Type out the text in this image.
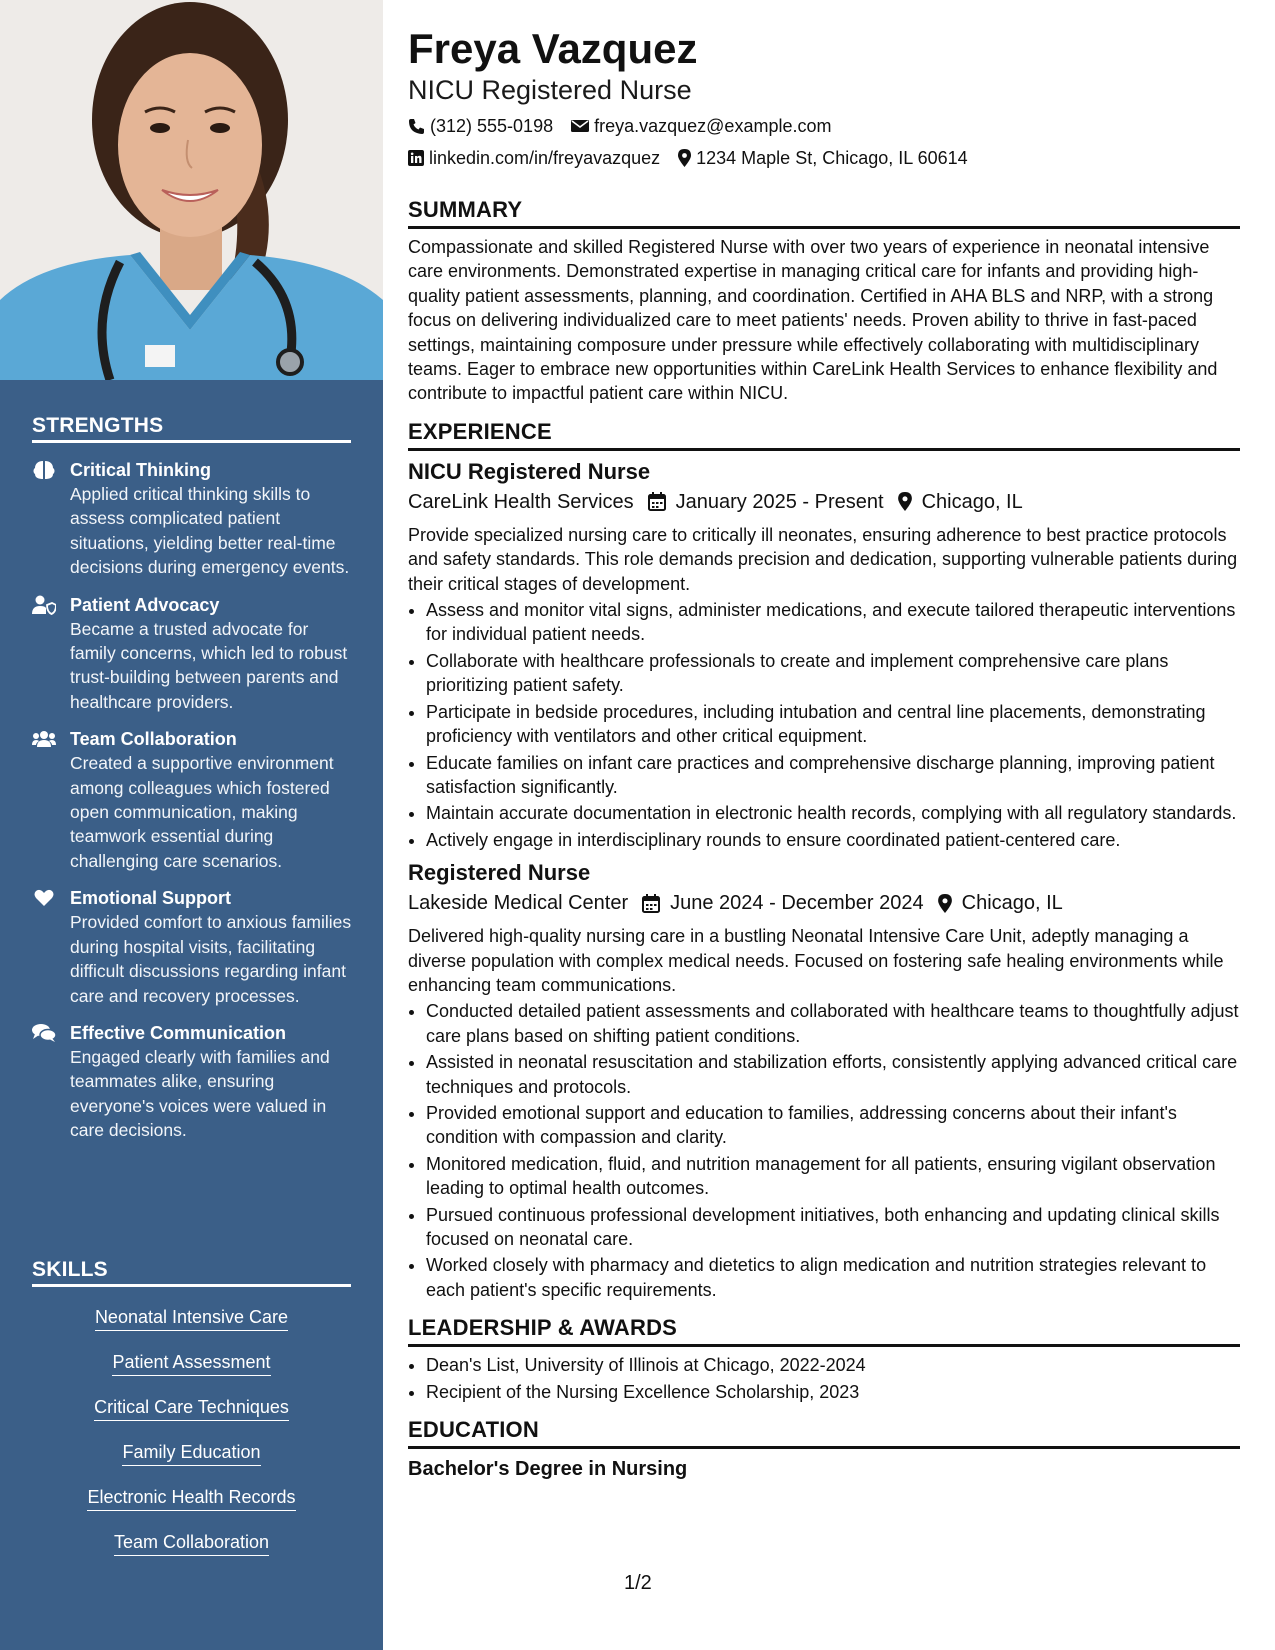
STRENGTHS
Critical Thinking
Applied critical thinking skills to assess complicated patient situations, yielding better real-time decisions during emergency events.
Patient Advocacy
Became a trusted advocate for family concerns, which led to robust trust-building between parents and healthcare providers.
Team Collaboration
Created a supportive environment among colleagues which fostered open communication, making teamwork essential during challenging care scenarios.
Emotional Support
Provided comfort to anxious families during hospital visits, facilitating difficult discussions regarding infant care and recovery processes.
Effective Communication
Engaged clearly with families and teammates alike, ensuring everyone's voices were valued in care decisions.
SKILLS
Neonatal Intensive Care
Patient Assessment
Critical Care Techniques
Family Education
Electronic Health Records
Team Collaboration
Freya Vazquez
NICU Registered Nurse
(312) 555-0198 freya.vazquez@example.com
linkedin.com/in/freyavazquez 1234 Maple St, Chicago, IL 60614
SUMMARY
Compassionate and skilled Registered Nurse with over two years of experience in neonatal intensive care environments. Demonstrated expertise in managing critical care for infants and providing high-quality patient assessments, planning, and coordination. Certified in AHA BLS and NRP, with a strong focus on delivering individualized care to meet patients' needs. Proven ability to thrive in fast-paced settings, maintaining composure under pressure while effectively collaborating with multidisciplinary teams. Eager to embrace new opportunities within CareLink Health Services to enhance flexibility and contribute to impactful patient care within NICU.
EXPERIENCE
NICU Registered Nurse
CareLink Health Services January 2025 - Present Chicago, IL
Provide specialized nursing care to critically ill neonates, ensuring adherence to best practice protocols and safety standards. This role demands precision and dedication, supporting vulnerable patients during their critical stages of development.
• Assess and monitor vital signs, administer medications, and execute tailored therapeutic interventions for individual patient needs.
• Collaborate with healthcare professionals to create and implement comprehensive care plans prioritizing patient safety.
• Participate in bedside procedures, including intubation and central line placements, demonstrating proficiency with ventilators and other critical equipment.
• Educate families on infant care practices and comprehensive discharge planning, improving patient satisfaction significantly.
• Maintain accurate documentation in electronic health records, complying with all regulatory standards.
• Actively engage in interdisciplinary rounds to ensure coordinated patient-centered care.
Registered Nurse
Lakeside Medical Center June 2024 - December 2024 Chicago, IL
Delivered high-quality nursing care in a bustling Neonatal Intensive Care Unit, adeptly managing a diverse population with complex medical needs. Focused on fostering safe healing environments while enhancing team communications.
• Conducted detailed patient assessments and collaborated with healthcare teams to thoughtfully adjust care plans based on shifting patient conditions.
• Assisted in neonatal resuscitation and stabilization efforts, consistently applying advanced critical care techniques and protocols.
• Provided emotional support and education to families, addressing concerns about their infant's condition with compassion and clarity.
• Monitored medication, fluid, and nutrition management for all patients, ensuring vigilant observation leading to optimal health outcomes.
• Pursued continuous professional development initiatives, both enhancing and updating clinical skills focused on neonatal care.
• Worked closely with pharmacy and dietetics to align medication and nutrition strategies relevant to each patient's specific requirements.
LEADERSHIP & AWARDS
• Dean's List, University of Illinois at Chicago, 2022-2024
• Recipient of the Nursing Excellence Scholarship, 2023
EDUCATION
Bachelor's Degree in Nursing
1/2
